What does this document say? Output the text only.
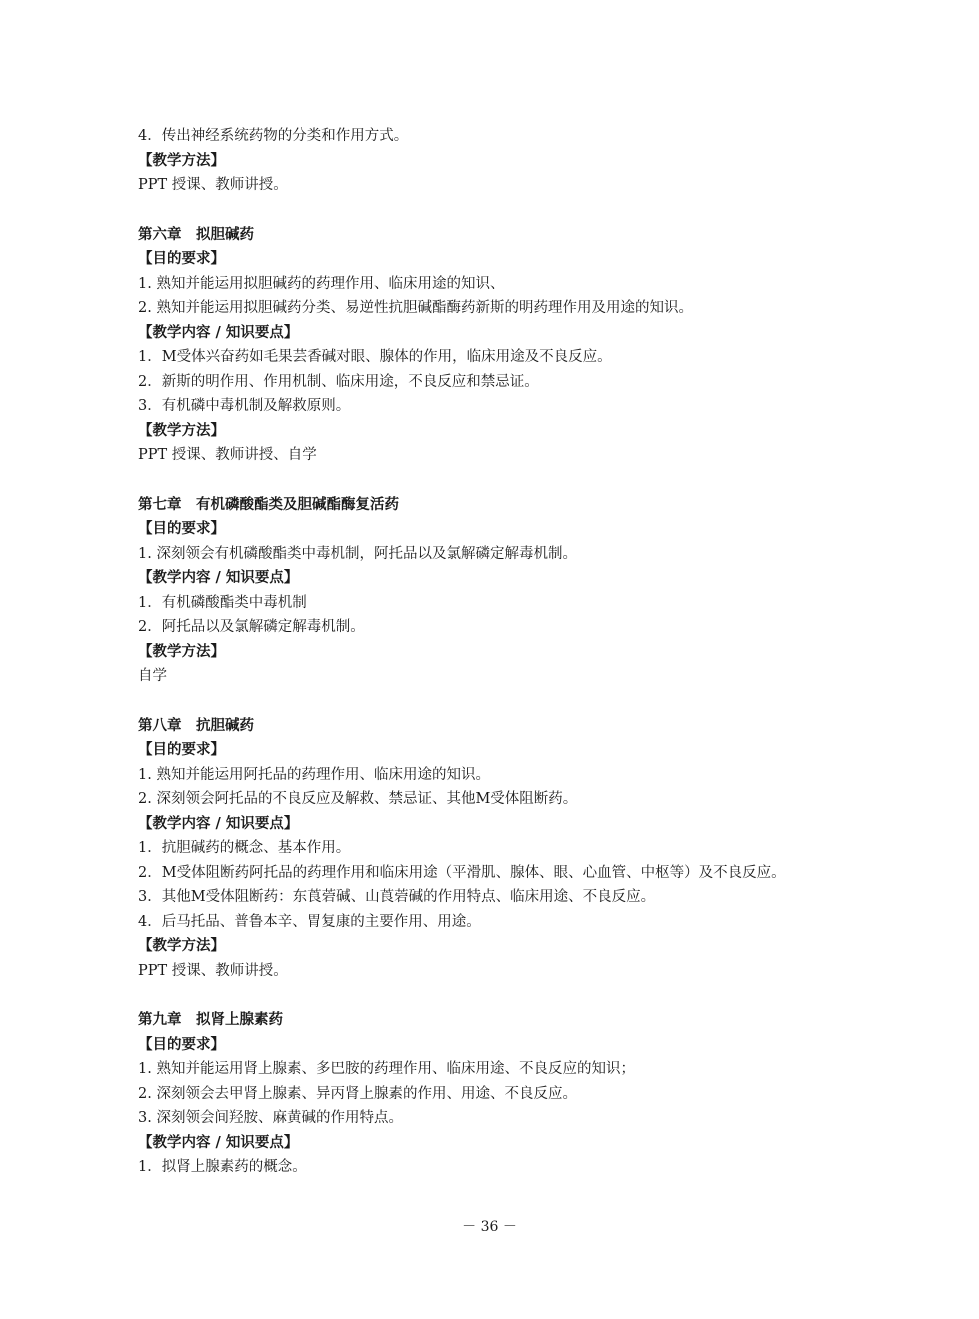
4．传出神经系统药物的分类和作用方式。
【教学方法】
PPT 授课、教师讲授。
第六章　拟胆碱药
【目的要求】
1. 熟知并能运用拟胆碱药的药理作用、临床用途的知识、
2. 熟知并能运用拟胆碱药分类、易逆性抗胆碱酯酶药新斯的明药理作用及用途的知识。
【教学内容 / 知识要点】
1．M受体兴奋药如毛果芸香碱对眼、腺体的作用，临床用途及不良反应。
2．新斯的明作用、作用机制、临床用途，不良反应和禁忌证。
3．有机磷中毒机制及解救原则。
【教学方法】
PPT 授课、教师讲授、自学
第七章　有机磷酸酯类及胆碱酯酶复活药
【目的要求】
1. 深刻领会有机磷酸酯类中毒机制，阿托品以及氯解磷定解毒机制。
【教学内容 / 知识要点】
1．有机磷酸酯类中毒机制
2．阿托品以及氯解磷定解毒机制。
【教学方法】
自学
第八章　抗胆碱药
【目的要求】
1. 熟知并能运用阿托品的药理作用、临床用途的知识。
2. 深刻领会阿托品的不良反应及解救、禁忌证、其他M受体阻断药。
【教学内容 / 知识要点】
1．抗胆碱药的概念、基本作用。
2．M受体阻断药阿托品的药理作用和临床用途（平滑肌、腺体、眼、心血管、中枢等）及不良反应。
3．其他M受体阻断药：东莨菪碱、山莨菪碱的作用特点、临床用途、不良反应。
4．后马托品、普鲁本辛、胃复康的主要作用、用途。
【教学方法】
PPT 授课、教师讲授。
第九章　拟肾上腺素药
【目的要求】
1. 熟知并能运用肾上腺素、多巴胺的药理作用、临床用途、不良反应的知识；
2. 深刻领会去甲肾上腺素、异丙肾上腺素的作用、用途、不良反应。
3. 深刻领会间羟胺、麻黄碱的作用特点。
【教学内容 / 知识要点】
1．拟肾上腺素药的概念。
－ 36 －
